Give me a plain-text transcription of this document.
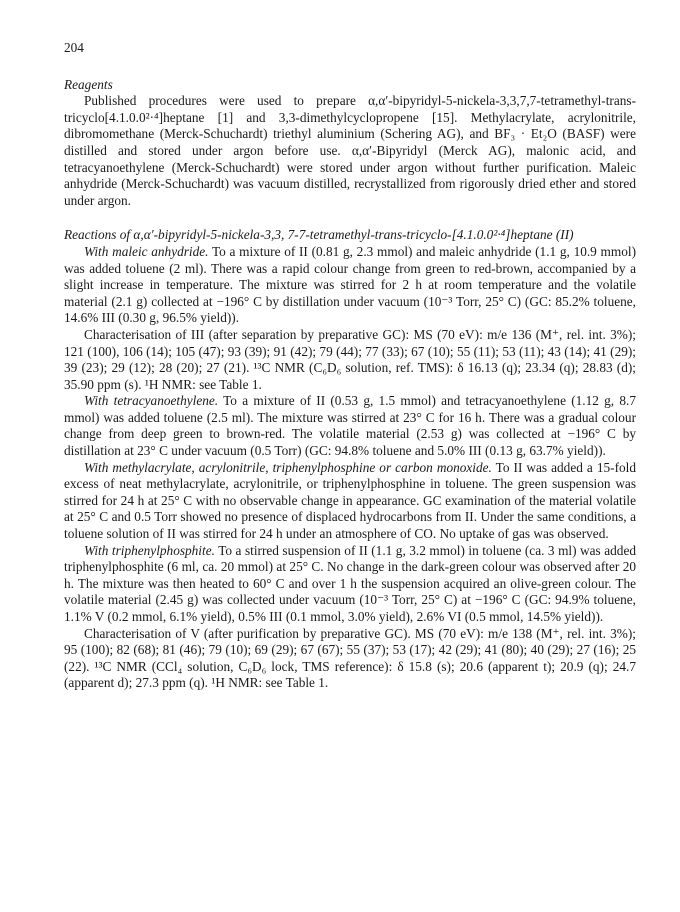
204
Reagents

Published procedures were used to prepare α,α′-bipyridyl-5-nickela-3,3,7,7-tetramethyl-trans-tricyclo[4.1.0.0²·⁴]heptane [1] and 3,3-dimethylcyclopropene [15]. Methylacrylate, acrylonitrile, dibromomethane (Merck-Schuchardt) triethyl aluminium (Schering AG), and BF₃ · Et₂O (BASF) were distilled and stored under argon before use. α,α′-Bipyridyl (Merck AG), malonic acid, and tetracyanoethylene (Merck-Schuchardt) were stored under argon without further purification. Maleic anhydride (Merck-Schuchardt) was vacuum distilled, recrystallized from rigorously dried ether and stored under argon.

Reactions of α,α′-bipyridyl-5-nickela-3,3, 7-7-tetramethyl-trans-tricyclo-[4.1.0.0²·⁴]heptane (II)

With maleic anhydride. To a mixture of II (0.81 g, 2.3 mmol) and maleic anhydride (1.1 g, 10.9 mmol) was added toluene (2 ml). There was a rapid colour change from green to red-brown, accompanied by a slight increase in temperature. The mixture was stirred for 2 h at room temperature and the volatile material (2.1 g) collected at −196° C by distillation under vacuum (10⁻³ Torr, 25° C) (GC: 85.2% toluene, 14.6% III (0.30 g, 96.5% yield)).

Characterisation of III (after separation by preparative GC): MS (70 eV): m/e 136 (M⁺, rel. int. 3%); 121 (100), 106 (14); 105 (47); 93 (39); 91 (42); 79 (44); 77 (33); 67 (10); 55 (11); 53 (11); 43 (14); 41 (29); 39 (23); 29 (12); 28 (20); 27 (21). ¹³C NMR (C₆D₆ solution, ref. TMS): δ 16.13 (q); 23.34 (q); 28.83 (d); 35.90 ppm (s). ¹H NMR: see Table 1.

With tetracyanoethylene. To a mixture of II (0.53 g, 1.5 mmol) and tetracyanoethylene (1.12 g, 8.7 mmol) was added toluene (2.5 ml). The mixture was stirred at 23° C for 16 h. There was a gradual colour change from deep green to brown-red. The volatile material (2.53 g) was collected at −196° C by distillation at 23° C under vacuum (0.5 Torr) (GC: 94.8% toluene and 5.0% III (0.13 g, 63.7% yield)).

With methylacrylate, acrylonitrile, triphenylphosphine or carbon monoxide. To II was added a 15-fold excess of neat methylacrylate, acrylonitrile, or triphenylphosphine in toluene. The green suspension was stirred for 24 h at 25° C with no observable change in appearance. GC examination of the material volatile at 25° C and 0.5 Torr showed no presence of displaced hydrocarbons from II. Under the same conditions, a toluene solution of II was stirred for 24 h under an atmosphere of CO. No uptake of gas was observed.

With triphenylphosphite. To a stirred suspension of II (1.1 g, 3.2 mmol) in toluene (ca. 3 ml) was added triphenylphosphite (6 ml, ca. 20 mmol) at 25° C. No change in the dark-green colour was observed after 20 h. The mixture was then heated to 60° C and over 1 h the suspension acquired an olive-green colour. The volatile material (2.45 g) was collected under vacuum (10⁻³ Torr, 25° C) at −196° C (GC: 94.9% toluene, 1.1% V (0.2 mmol, 6.1% yield), 0.5% III (0.1 mmol, 3.0% yield), 2.6% VI (0.5 mmol, 14.5% yield)).

Characterisation of V (after purification by preparative GC). MS (70 eV): m/e 138 (M⁺, rel. int. 3%); 95 (100); 82 (68); 81 (46); 79 (10); 69 (29); 67 (67); 55 (37); 53 (17); 42 (29); 41 (80); 40 (29); 27 (16); 25 (22). ¹³C NMR (CCl₄ solution, C₆D₆ lock, TMS reference): δ 15.8 (s); 20.6 (apparent t); 20.9 (q); 24.7 (apparent d); 27.3 ppm (q). ¹H NMR: see Table 1.
